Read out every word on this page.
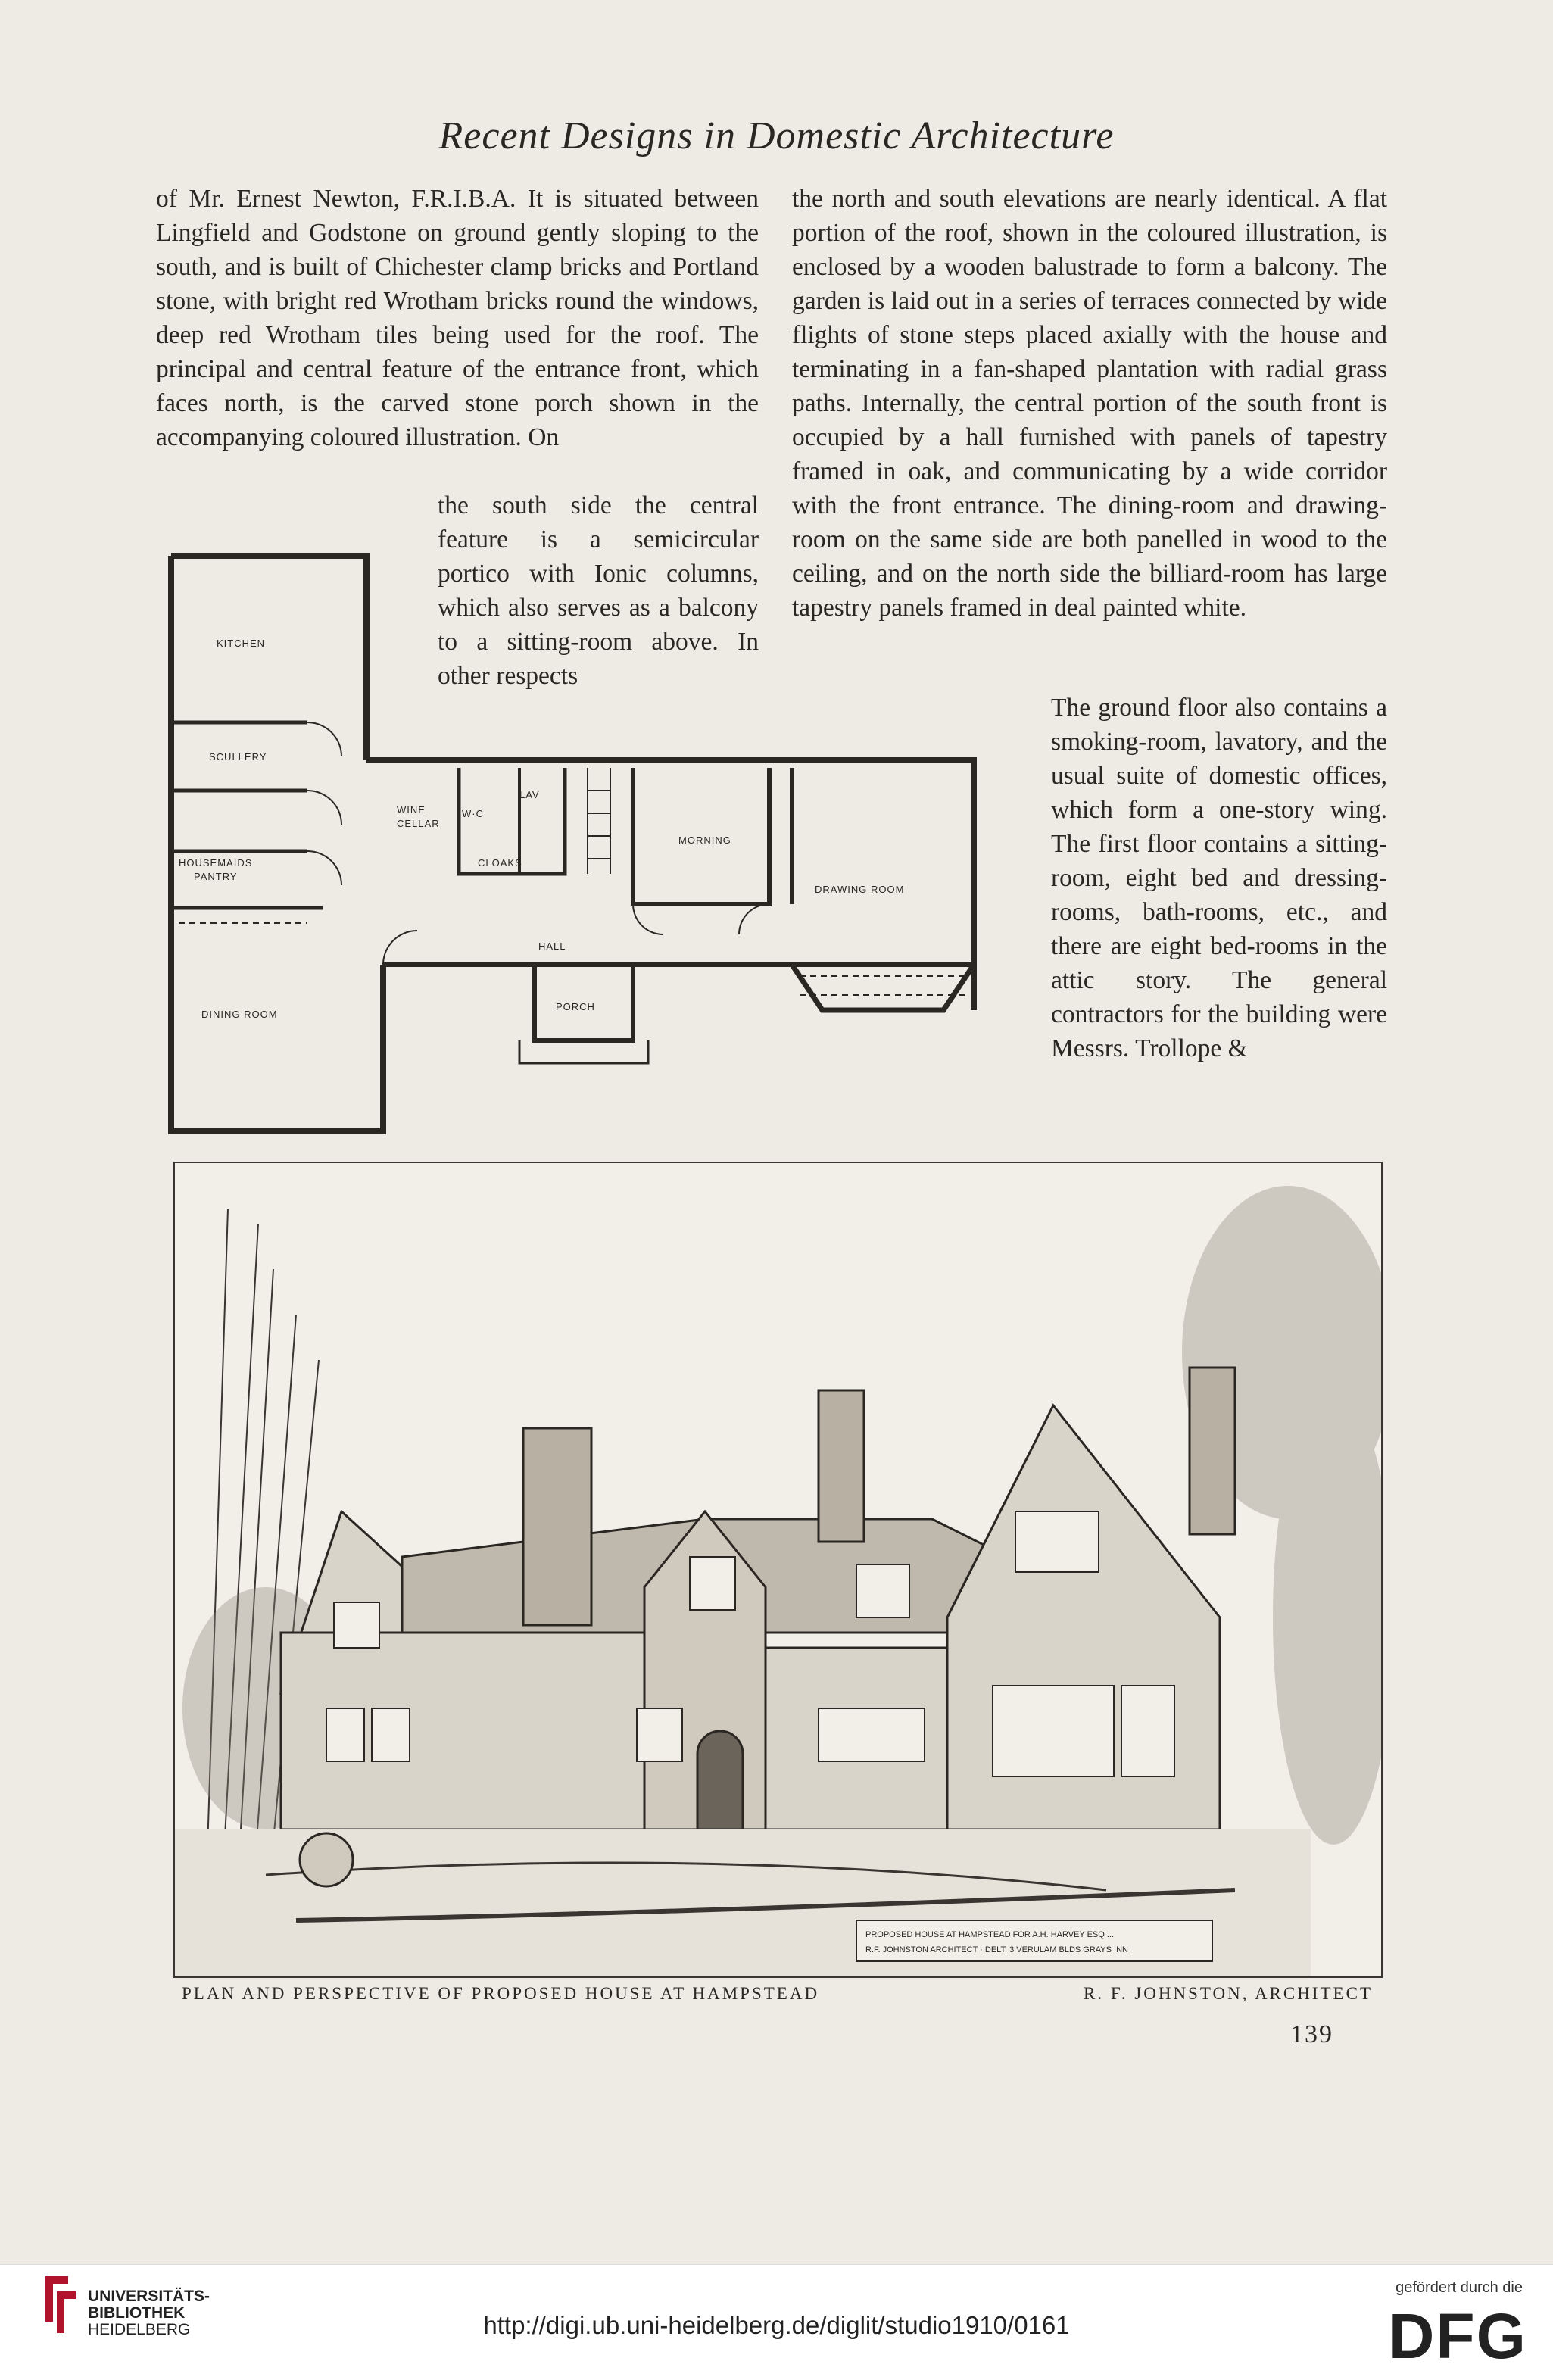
Recent Designs in Domestic Architecture

of Mr. Ernest Newton, F.R.I.B.A. It is situated between Lingfield and Godstone on ground gently sloping to the south, and is built of Chichester clamp bricks and Portland stone, with bright red Wrotham bricks round the windows, deep red Wrotham tiles being used for the roof. The principal and central feature of the entrance front, which faces north, is the carved stone porch shown in the accompanying coloured illustration. On

the south side the central feature is a semicircular portico with Ionic columns, which also serves as a balcony to a sitting-room above. In other respects

the north and south elevations are nearly identical. A flat portion of the roof, shown in the coloured illustration, is enclosed by a wooden balustrade to form a balcony. The garden is laid out in a series of terraces connected by wide flights of stone steps placed axially with the house and terminating in a fan-shaped plantation with radial grass paths. Internally, the central portion of the south front is occupied by a hall furnished with panels of tapestry framed in oak, and communicating by a wide corridor with the front entrance. The dining-room and drawing-room on the same side are both panelled in wood to the ceiling, and on the north side the billiard-room has large tapestry panels framed in deal painted white.

The ground floor also contains a smoking-room, lavatory, and the usual suite of domestic offices, which form a one-story wing. The first floor contains a sitting-room, eight bed and dressing-rooms, bath-rooms, etc., and there are eight bed-rooms in the attic story. The general contractors for the building were Messrs. Trollope &

KITCHEN
SCULLERY
HOUSEMAIDS
PANTRY
WINE
CELLAR
W·C
LAV
CLOAKS
MORNING
DRAWING ROOM
HALL
PORCH
DINING ROOM
PROPOSED HOUSE AT HAMPSTEAD FOR A.H. HARVEY ESQ ...
R.F. JOHNSTON ARCHITECT · DELT. 3 VERULAM BLDS GRAYS INN
PLAN AND PERSPECTIVE OF PROPOSED HOUSE AT HAMPSTEAD	R. F. JOHNSTON, ARCHITECT
139
UNIVERSITÄTS-
BIBLIOTHEK
HEIDELBERG	http://digi.ub.uni-heidelberg.de/diglit/studio1910/0161
gefördert durch die
DFG
